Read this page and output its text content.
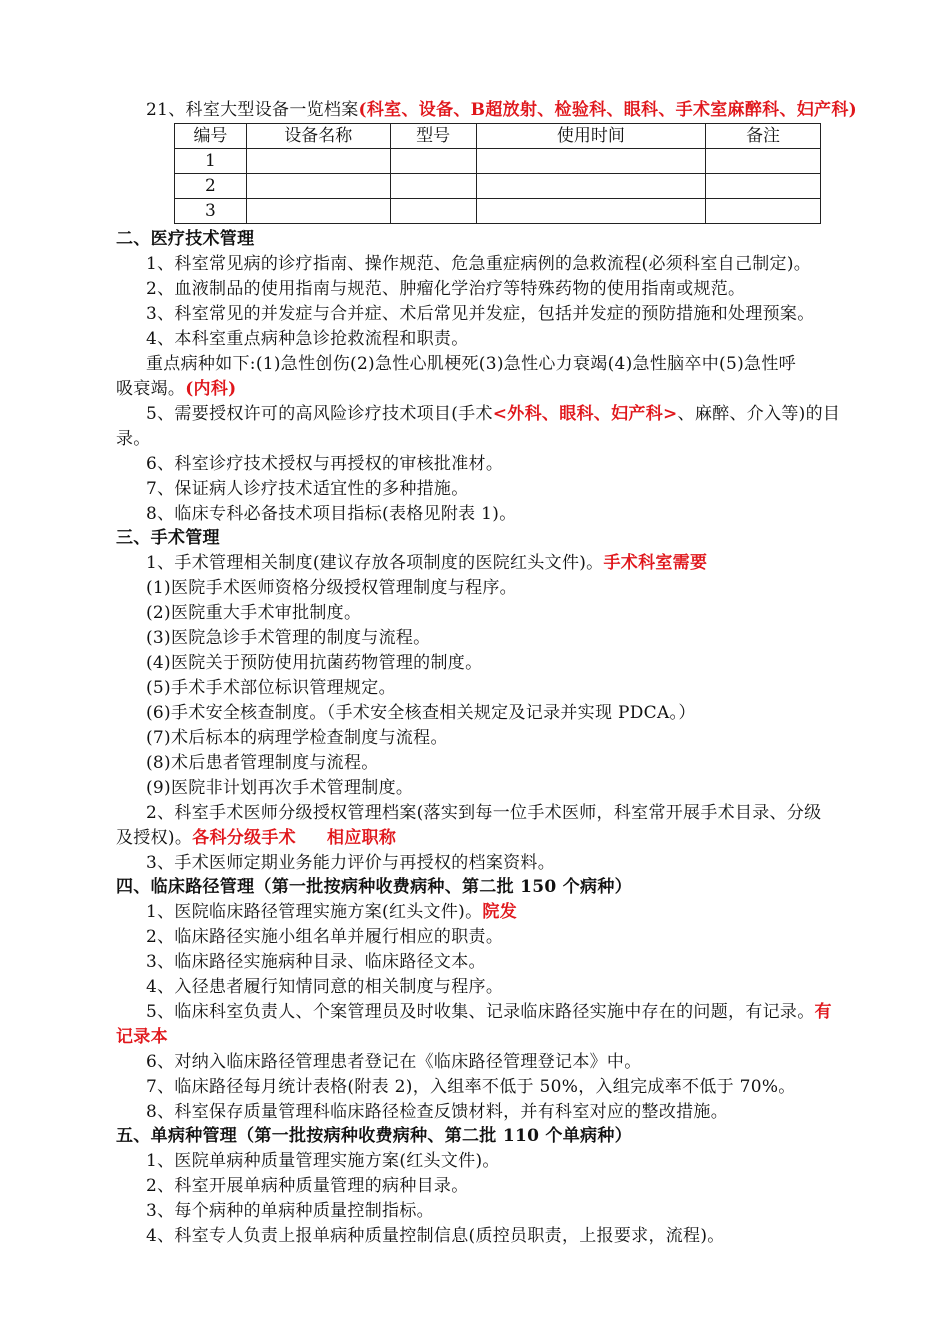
21、科室大型设备一览档案(科室、设备、B超放射、检验科、眼科、手术室麻醉科、妇产科)
编号	设备名称	型号	使用时间	备注
1				
2				
3				
二、医疗技术管理
1、科室常见病的诊疗指南、操作规范、危急重症病例的急救流程(必须科室自己制定)。
2、血液制品的使用指南与规范、肿瘤化学治疗等特殊药物的使用指南或规范。
3、科室常见的并发症与合并症、术后常见并发症，包括并发症的预防措施和处理预案。
4、本科室重点病种急诊抢救流程和职责。
重点病种如下:(1)急性创伤(2)急性心肌梗死(3)急性心力衰竭(4)急性脑卒中(5)急性呼
吸衰竭。(内科)
5、需要授权许可的高风险诊疗技术项目(手术<外科、眼科、妇产科>、麻醉、介入等)的目
录。
6、科室诊疗技术授权与再授权的审核批准材。
7、保证病人诊疗技术适宜性的多种措施。
8、临床专科必备技术项目指标(表格见附表 1)。
三、手术管理
1、手术管理相关制度(建议存放各项制度的医院红头文件)。手术科室需要
(1)医院手术医师资格分级授权管理制度与程序。
(2)医院重大手术审批制度。
(3)医院急诊手术管理的制度与流程。
(4)医院关于预防使用抗菌药物管理的制度。
(5)手术手术部位标识管理规定。
(6)手术安全核查制度。（手术安全核查相关规定及记录并实现 PDCA。）
(7)术后标本的病理学检查制度与流程。
(8)术后患者管理制度与流程。
(9)医院非计划再次手术管理制度。
2、科室手术医师分级授权管理档案(落实到每一位手术医师，科室常开展手术目录、分级
及授权)。各科分级手术     相应职称
3、手术医师定期业务能力评价与再授权的档案资料。
四、临床路径管理（第一批按病种收费病种、第二批 150 个病种）
1、医院临床路径管理实施方案(红头文件)。院发
2、临床路径实施小组名单并履行相应的职责。
3、临床路径实施病种目录、临床路径文本。
4、入径患者履行知情同意的相关制度与程序。
5、临床科室负责人、个案管理员及时收集、记录临床路径实施中存在的问题，有记录。有
记录本
6、对纳入临床路径管理患者登记在《临床路径管理登记本》中。
7、临床路径每月统计表格(附表 2)，入组率不低于 50%，入组完成率不低于 70%。
8、科室保存质量管理科临床路径检查反馈材料，并有科室对应的整改措施。
五、单病种管理（第一批按病种收费病种、第二批 110 个单病种）
1、医院单病种质量管理实施方案(红头文件)。
2、科室开展单病种质量管理的病种目录。
3、每个病种的单病种质量控制指标。
4、科室专人负责上报单病种质量控制信息(质控员职责，上报要求，流程)。
